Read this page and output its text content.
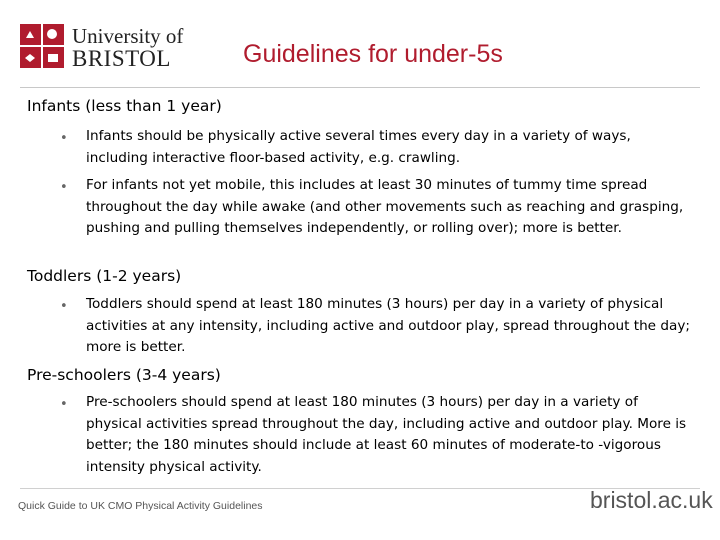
University of
BRISTOL	Guidelines for under-5s
Infants (less than 1 year)
• Infants should be physically active several times every day in a variety of ways, including interactive floor-based activity, e.g. crawling.
• For infants not yet mobile, this includes at least 30 minutes of tummy time spread throughout the day while awake (and other movements such as reaching and grasping, pushing and pulling themselves independently, or rolling over); more is better.
Toddlers (1-2 years)
• Toddlers should spend at least 180 minutes (3 hours) per day in a variety of physical activities at any intensity, including active and outdoor play, spread throughout the day; more is better.
Pre-schoolers (3-4 years)
• Pre-schoolers should spend at least 180 minutes (3 hours) per day in a variety of physical activities spread throughout the day, including active and outdoor play. More is better; the 180 minutes should include at least 60 minutes of moderate-to -vigorous intensity physical activity.
Quick Guide to UK CMO Physical Activity Guidelines	bristol.ac.uk
